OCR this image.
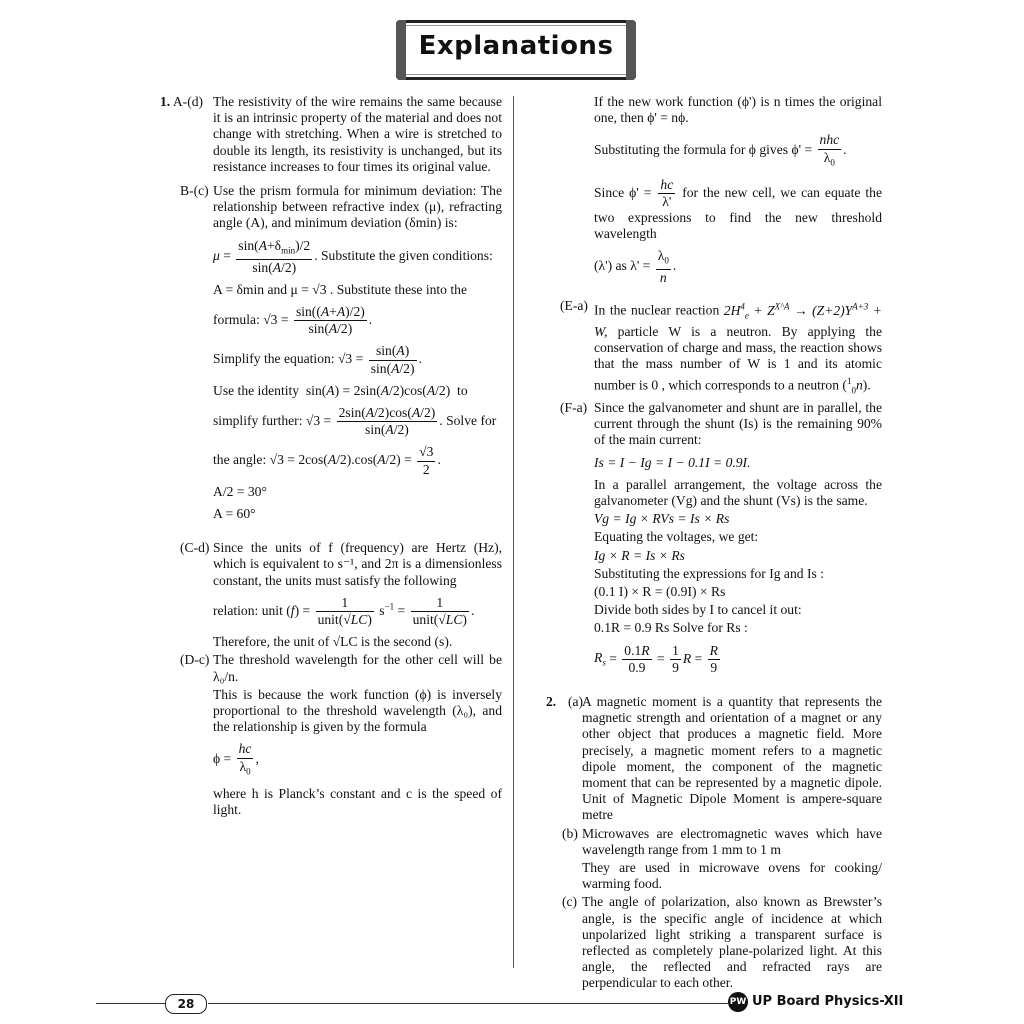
Explanations
1. A-(d) The resistivity of the wire remains the same because it is an intrinsic property of the material and does not change with stretching. When a wire is stretched to double its length, its resistivity is unchanged, but its resistance increases to four times its original value.

B-(c) Use the prism formula for minimum deviation: The relationship between refractive index (μ), refracting angle (A), and minimum deviation (δmin) is:

$\mu = \frac{\sin(A+\delta_{min})/2}{\sin(A/2)}$ . Substitute the given conditions:

A = δmin and μ = √3 . Substitute these into the

formula: $√3 = \frac{\sin((A+A)/2)}{\sin(A/2)}$ .
Simplify the equation: $√3 = \frac{\sin(A)}{\sin(A/2)}$ .
Use the identity  sin(A) = 2sin(A/2)cos(A/2)  to
simplify further: $√3 = \frac{2\sin(A/2)\cos(A/2)}{\sin(A/2)}$ . Solve for
the angle: $√3 = 2\cos(A/2).\cos(A/2) = \frac{√3}{2}$ .
A/2 = 30°
A = 60°
(C-d) Since the units of f (frequency) are Hertz (Hz), which is equivalent to s⁻¹, and 2π is a dimensionless constant, the units must satisfy the following

relation: unit $(f) = \frac{1}{\text{unit(√LC)}} s^{-1} = \frac{1}{\text{unit(√LC)}}$ .

Therefore, the unit of √LC is the second (s).

(D-c) The threshold wavelength for the other cell will be λ₀/n.

This is because the work function (ϕ) is inversely proportional to the threshold wavelength (λ₀), and the relationship is given by the formula

$\phi = \frac{hc}{\lambda_0}$ ,

where h is Planck’s constant and c is the speed of light.

If the new work function (ϕ') is n times the original one, then ϕ' = nϕ.

Substituting the formula for ϕ gives $\phi' = \frac{\text{nhc}}{\lambda_0}$ .

Since $\phi' = \frac{hc}{\lambda'}$ for the new cell, we can equate the two expressions to find the new threshold wavelength

(λ') as $\lambda' = \frac{\lambda_0}{n}$ .
(E-a) In the nuclear reaction $2H^4_e + Z^{X\^{}A} \to (Z+2)Y^{A+3} + W$, particle W is a neutron. By applying the conservation of charge and mass, the reaction shows that the mass number of W is 1 and its atomic number is 0 , which corresponds to a neutron ($^1_0$n).

(F-a) Since the galvanometer and shunt are in parallel, the current through the shunt (Is) is the remaining 90% of the main current:

Is = I − Ig = I − 0.1I = 0.9I.

In a parallel arrangement, the voltage across the galvanometer (Vg) and the shunt (Vs) is the same.

Vg = Ig × RVs = Is × Rs

Equating the voltages, we get:

Ig × R = Is × Rs

Substituting the expressions for Ig and Is :

(0.1 I) × R = (0.9I) × Rs

Divide both sides by I to cancel it out:

0.1R = 0.9 Rs Solve for Rs :
$R_s = \frac{0.1R}{0.9} = \frac{1}{9}$ $R = \frac{R}{9}$
2. (a)

A magnetic moment is a quantity that represents the magnetic strength and orientation of a magnet or any other object that produces a magnetic field. More precisely, a magnetic moment refers to a magnetic dipole moment, the component of the magnetic moment that can be represented by a magnetic dipole. Unit of Magnetic Dipole Moment is ampere-square metre

(b) Microwaves are electromagnetic waves which have wavelength range from 1 mm to 1 m

They are used in microwave ovens for cooking/ warming food.

(c) The angle of polarization, also known as Brewster’s angle, is the specific angle of incidence at which unpolarized light striking a transparent surface is reflected as completely plane-polarized light. At this angle, the reflected and refracted rays are perpendicular to each other.

28	PW UP Board Physics-XII
